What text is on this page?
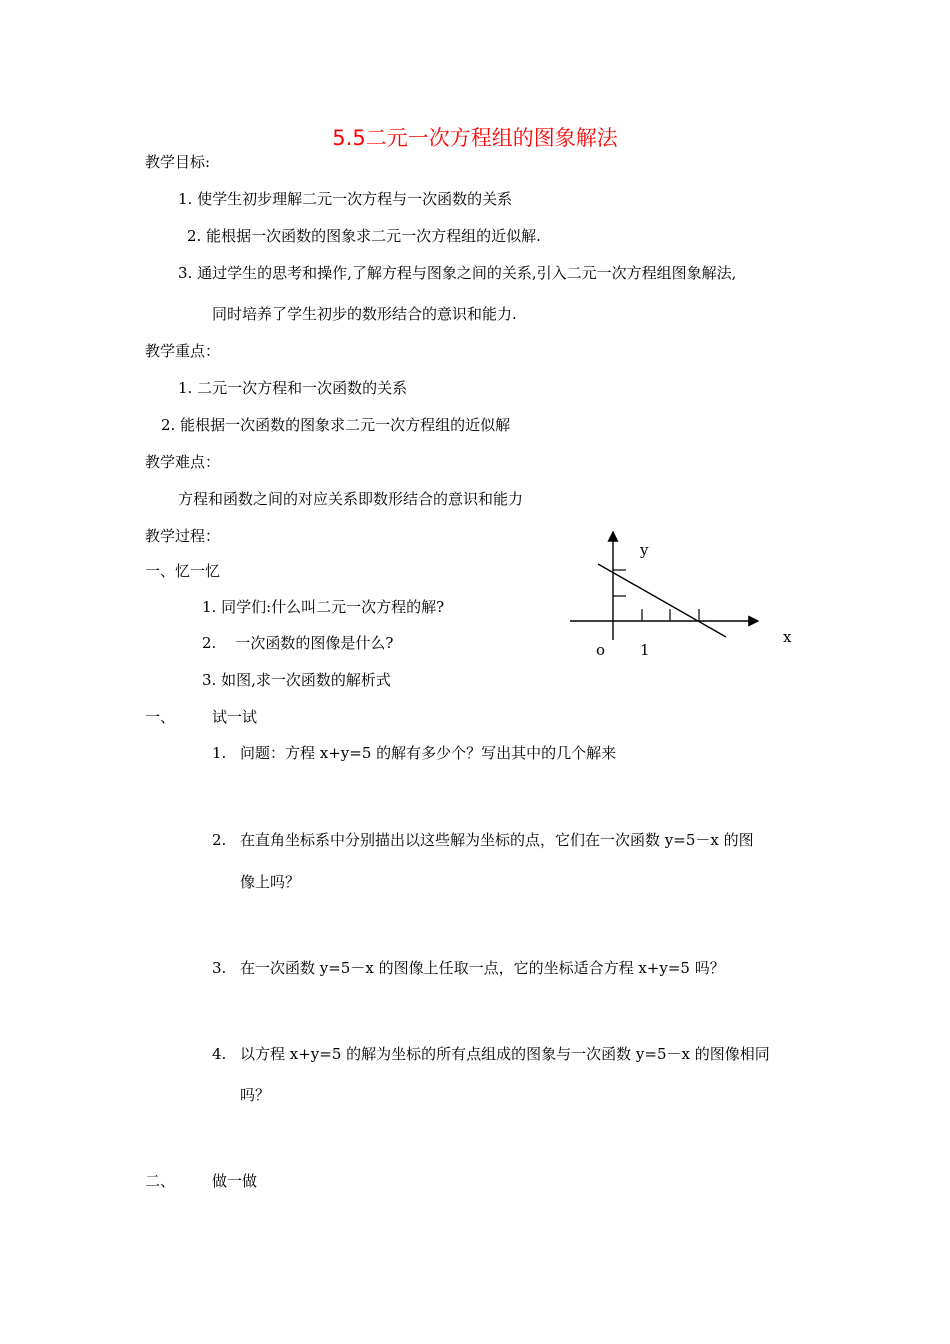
5.5二元一次方程组的图象解法
教学目标:
1. 使学生初步理解二元一次方程与一次函数的关系
2. 能根据一次函数的图象求二元一次方程组的近似解.
3. 通过学生的思考和操作,了解方程与图象之间的关系,引入二元一次方程组图象解法,
同时培养了学生初步的数形结合的意识和能力.
教学重点：
1. 二元一次方程和一次函数的关系
2. 能根据一次函数的图象求二元一次方程组的近似解
教学难点：
方程和函数之间的对应关系即数形结合的意识和能力
教学过程：
一、忆一忆
1. 同学们:什么叫二元一次方程的解?
2.    一次函数的图像是什么?
3. 如图,求一次函数的解析式
y
x
o 1
一、 试一试
1. 问题：方程 x+y=5 的解有多少个？写出其中的几个解来
2. 在直角坐标系中分别描出以这些解为坐标的点，它们在一次函数 y=5－x 的图
像上吗？
3. 在一次函数 y=5－x 的图像上任取一点，它的坐标适合方程 x+y=5 吗？
4. 以方程 x+y=5 的解为坐标的所有点组成的图象与一次函数 y=5－x 的图像相同
吗？
二、 做一做
